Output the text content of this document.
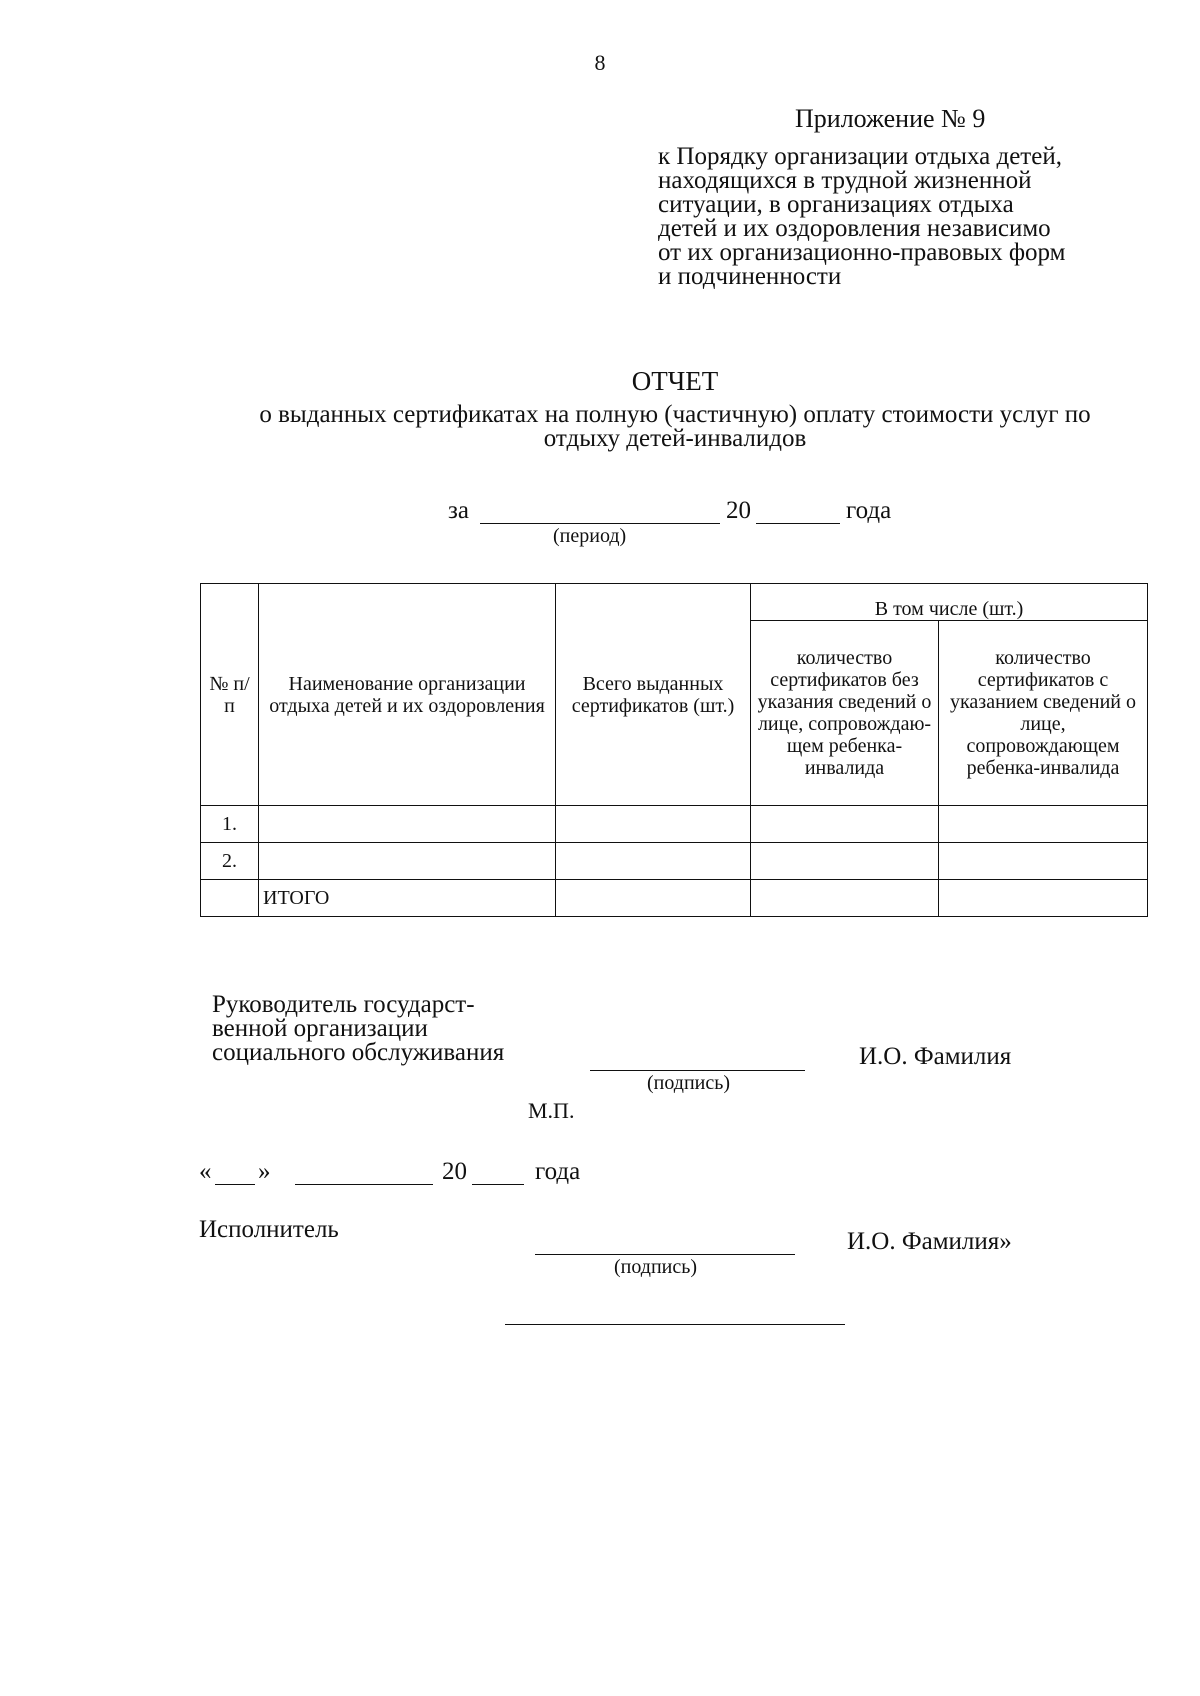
8
Приложение № 9
к Порядку организации отдыха детей,
находящихся в трудной жизненной
ситуации, в организациях отдыха
детей и их оздоровления независимо
от их организационно-правовых форм
и подчиненности
ОТЧЕТ
о выданных сертификатах на полную (частичную) оплату стоимости услуг по
отдыху детей-инвалидов
за	20	года
(период)
№ п/п	Наименование организации отдыха детей и их оздоровления	Всего выданных сертификатов (шт.)	В том числе (шт.)	
			количество сертификатов без указания сведений о лице, сопровождаю-щем ребенка-инвалида	количество сертификатов с указанием сведений о лице, сопровождающем ребенка-инвалида
1.				
2.				
	ИТОГО			
Руководитель государст-
венной организации
социального обслуживания
(подпись)
И.О. Фамилия
М.П.
« »	20	года
Исполнитель
(подпись)
И.О. Фамилия»
